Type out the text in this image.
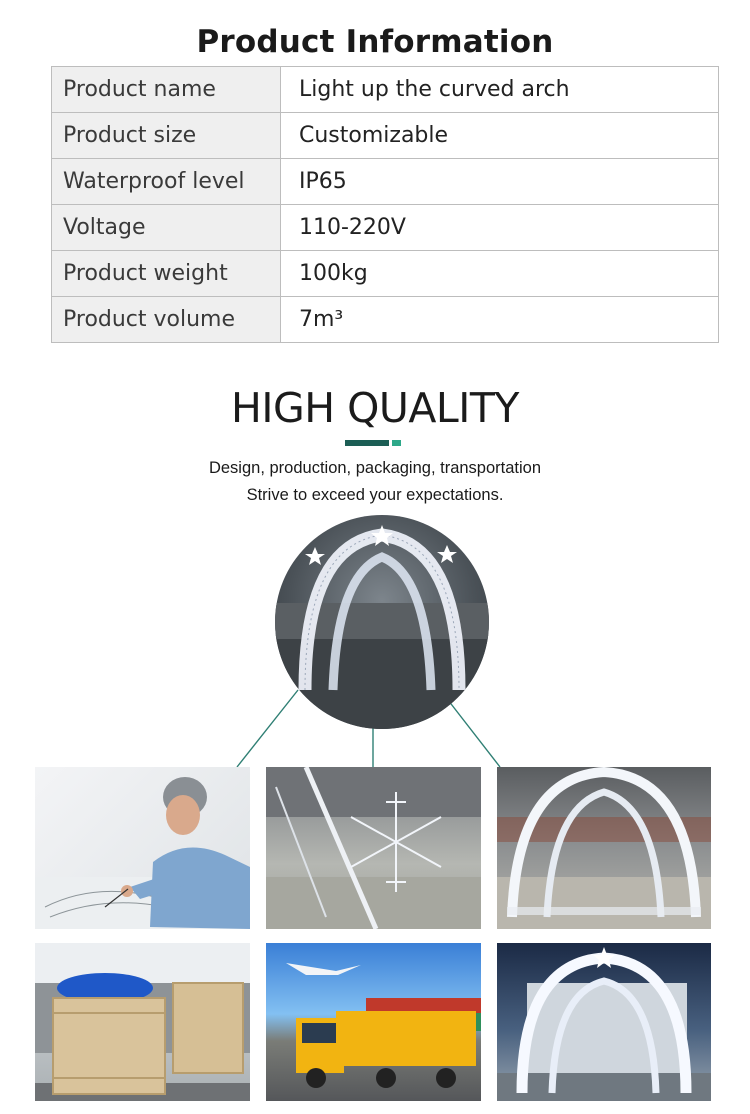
Product Information
Product name	Light up the curved arch
Product size	Customizable
Waterproof level	IP65
Voltage	110-220V
Product weight	100kg
Product volume	7m³
HIGH QUALITY
Design, production, packaging, transportation
Strive to exceed your expectations.
